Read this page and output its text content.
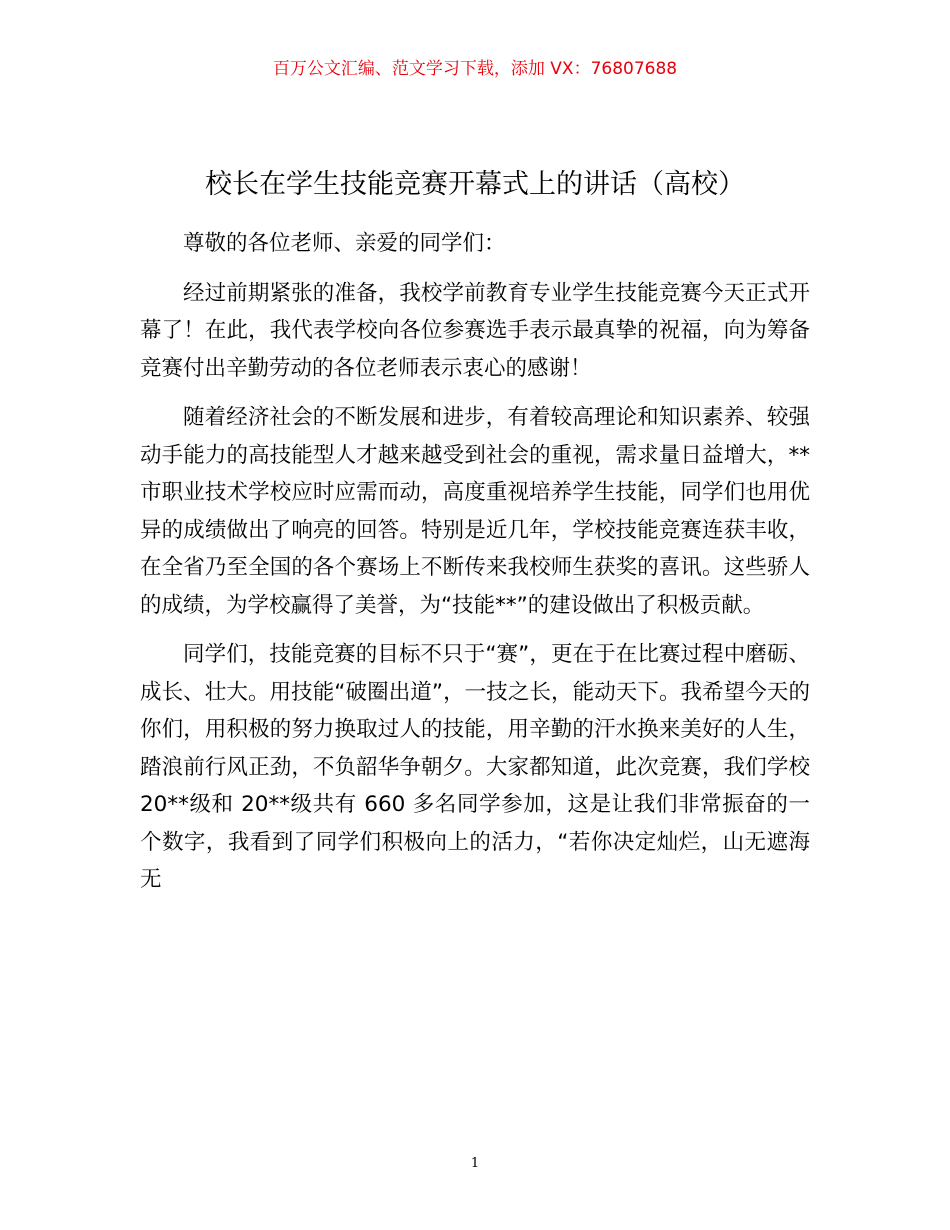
百万公文汇编、范文学习下载，添加 VX：76807688
校长在学生技能竞赛开幕式上的讲话（高校）

尊敬的各位老师、亲爱的同学们：

经过前期紧张的准备，我校学前教育专业学生技能竞赛今天正式开幕了！在此，我代表学校向各位参赛选手表示最真挚的祝福，向为筹备竞赛付出辛勤劳动的各位老师表示衷心的感谢！

随着经济社会的不断发展和进步，有着较高理论和知识素养、较强动手能力的高技能型人才越来越受到社会的重视，需求量日益增大，**市职业技术学校应时应需而动，高度重视培养学生技能，同学们也用优异的成绩做出了响亮的回答。特别是近几年，学校技能竞赛连获丰收，在全省乃至全国的各个赛场上不断传来我校师生获奖的喜讯。这些骄人的成绩，为学校赢得了美誉，为“技能**”的建设做出了积极贡献。

同学们，技能竞赛的目标不只于“赛”，更在于在比赛过程中磨砺、成长、壮大。用技能“破圈出道”，一技之长，能动天下。我希望今天的你们，用积极的努力换取过人的技能，用辛勤的汗水换来美好的人生，踏浪前行风正劲，不负韶华争朝夕。大家都知道，此次竞赛，我们学校 20**级和 20**级共有 660 多名同学参加，这是让我们非常振奋的一个数字，我看到了同学们积极向上的活力，“若你决定灿烂，山无遮海无

1
